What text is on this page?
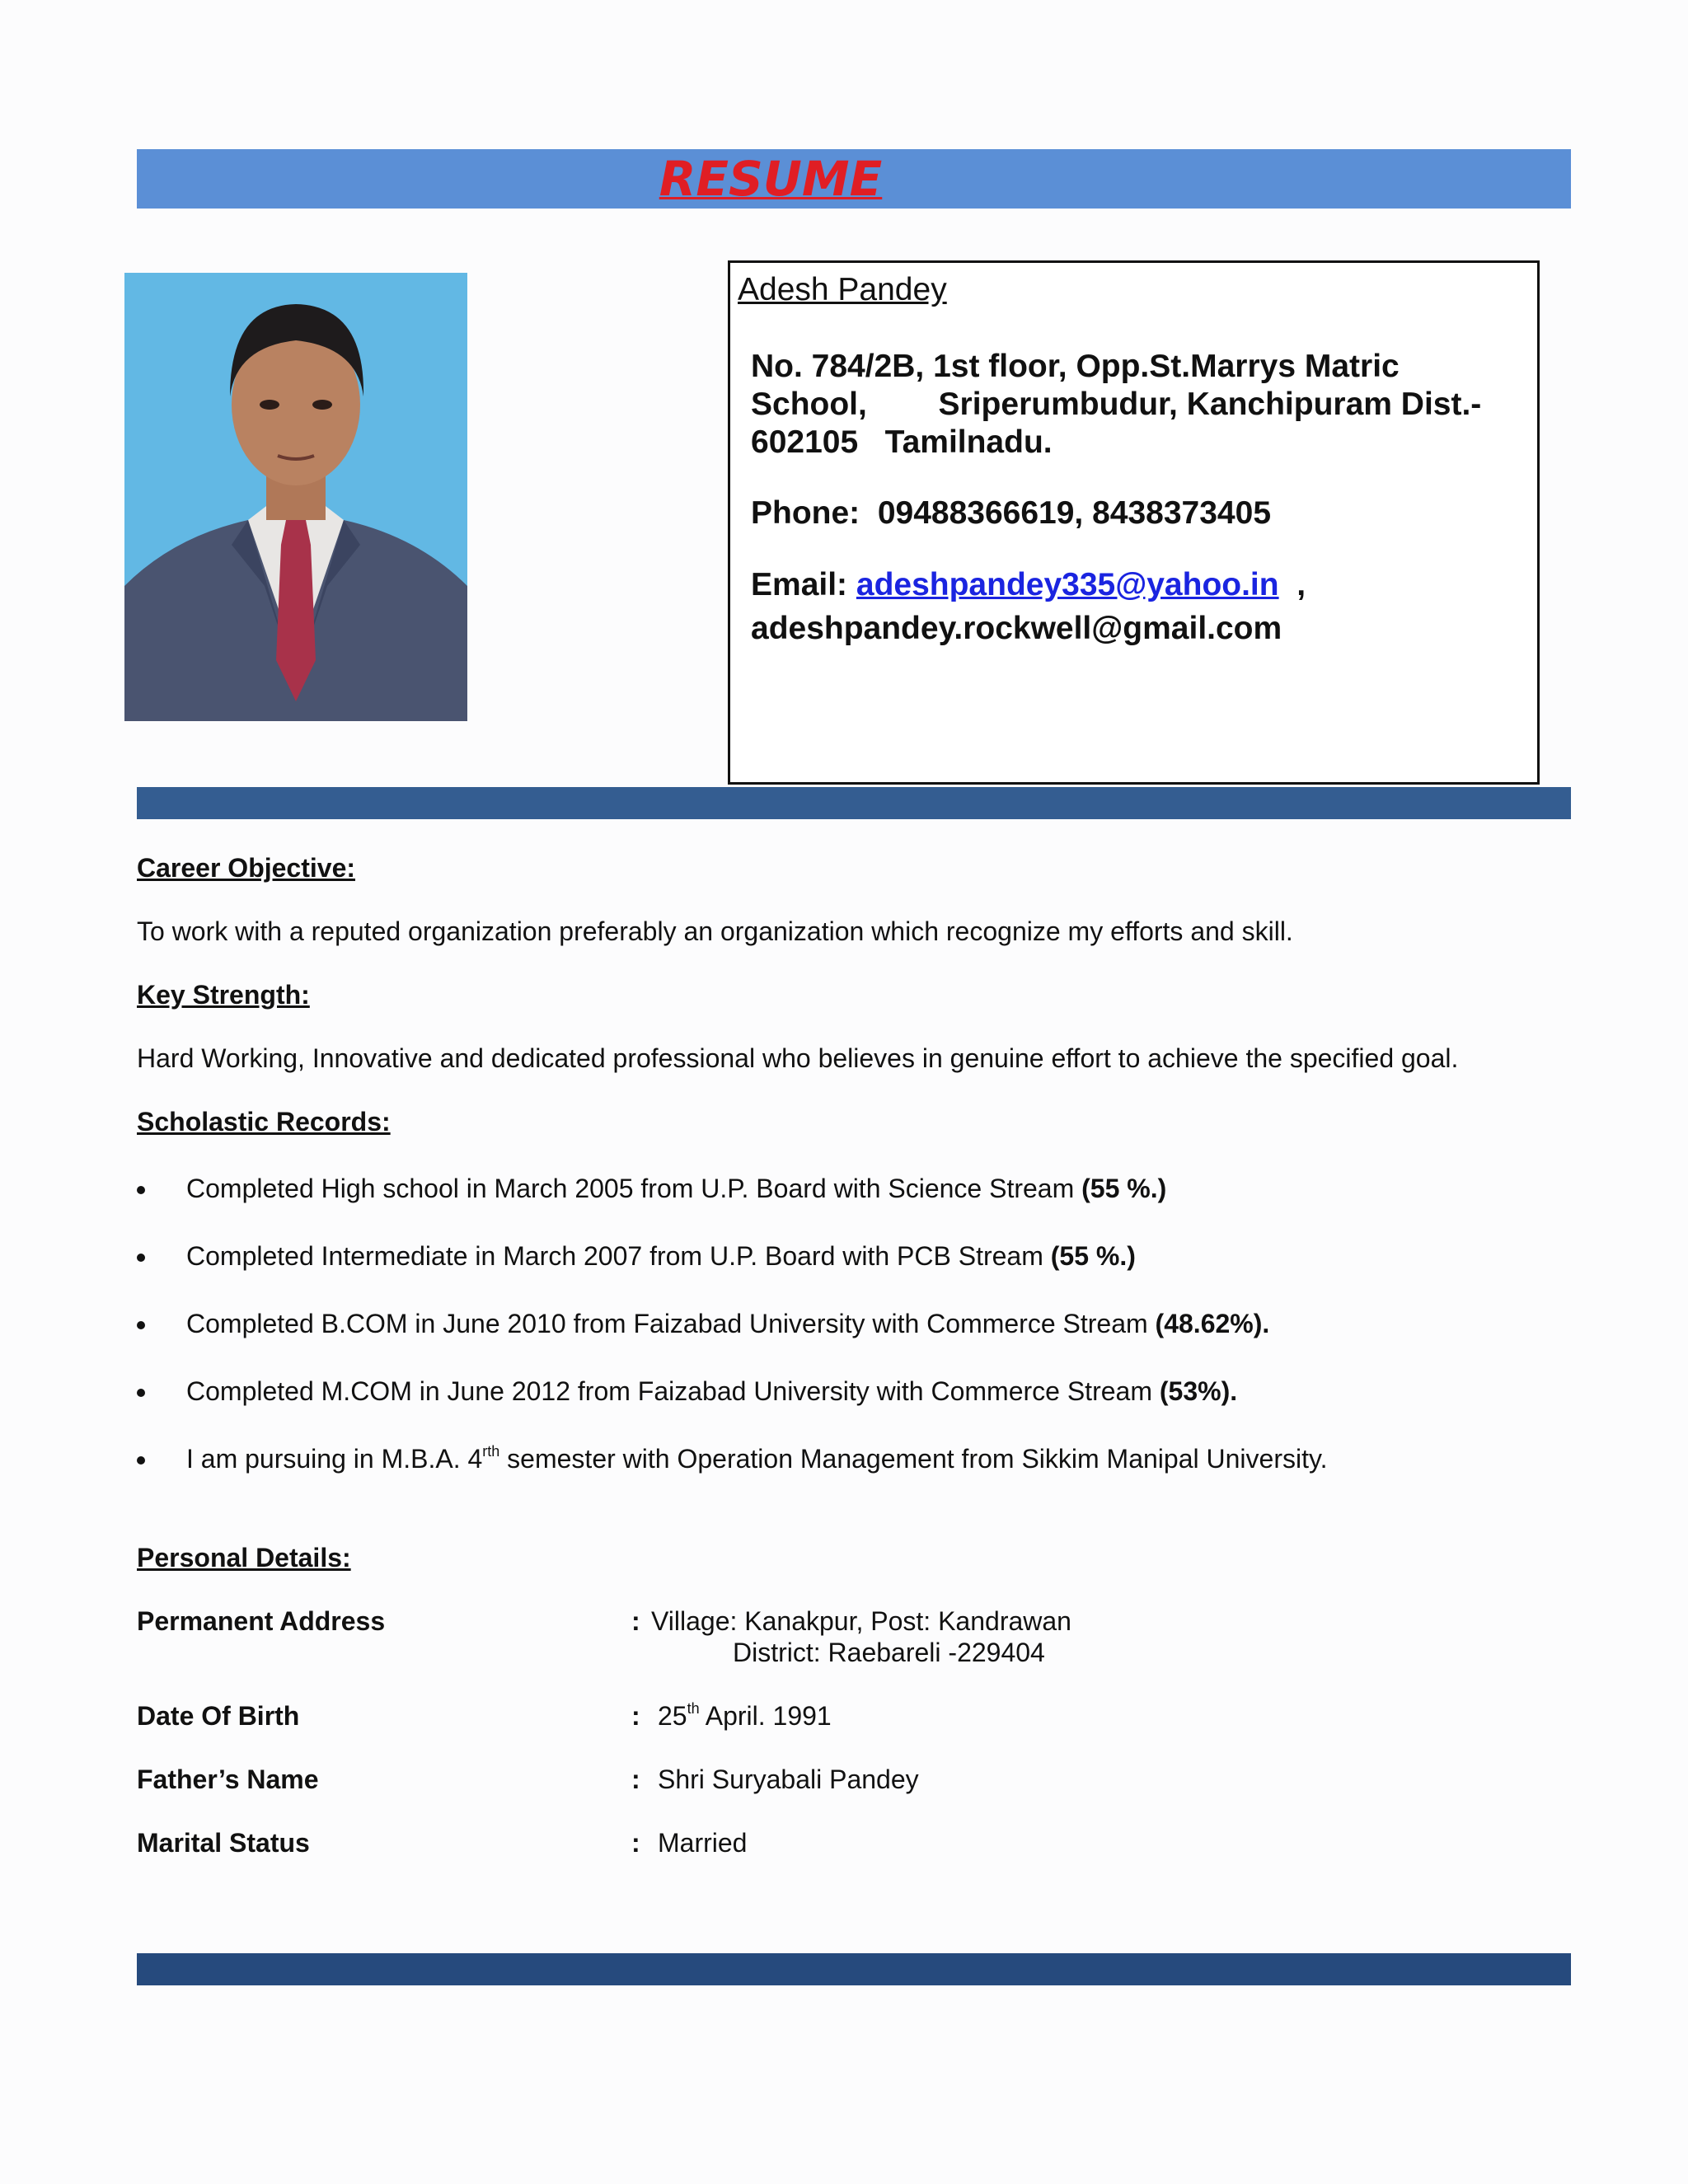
RESUME
Adesh Pandey
No. 784/2B, 1st floor, Opp.St.Marrys Matric
School,        Sriperumbudur, Kanchipuram Dist.-
602105   Tamilnadu.
Phone: 09488366619, 8438373405
Email: adeshpandey335@yahoo.in ,
adeshpandey.rockwell@gmail.com
Career Objective:
To work with a reputed organization preferably an organization which recognize my efforts and skill.
Key Strength:
Hard Working, Innovative and dedicated professional who believes in genuine effort to achieve the specified goal.
Scholastic Records:
Completed High school in March 2005 from U.P. Board with Science Stream (55 %.)
Completed Intermediate in March 2007 from U.P. Board with PCB Stream (55 %.)
Completed B.COM in June 2010 from Faizabad University with Commerce Stream (48.62%).
Completed M.COM in June 2012 from Faizabad University with Commerce Stream (53%).
I am pursuing in M.B.A. $4^{rth}$ semester with Operation Management from Sikkim Manipal University.
Personal Details:
Permanent Address	: Village: Kanakpur, Post: Kandrawan
District: Raebareli -229404
Date Of Birth	: 25th April. 1991
Father’s Name	: Shri Suryabali Pandey
Marital Status	: Married
